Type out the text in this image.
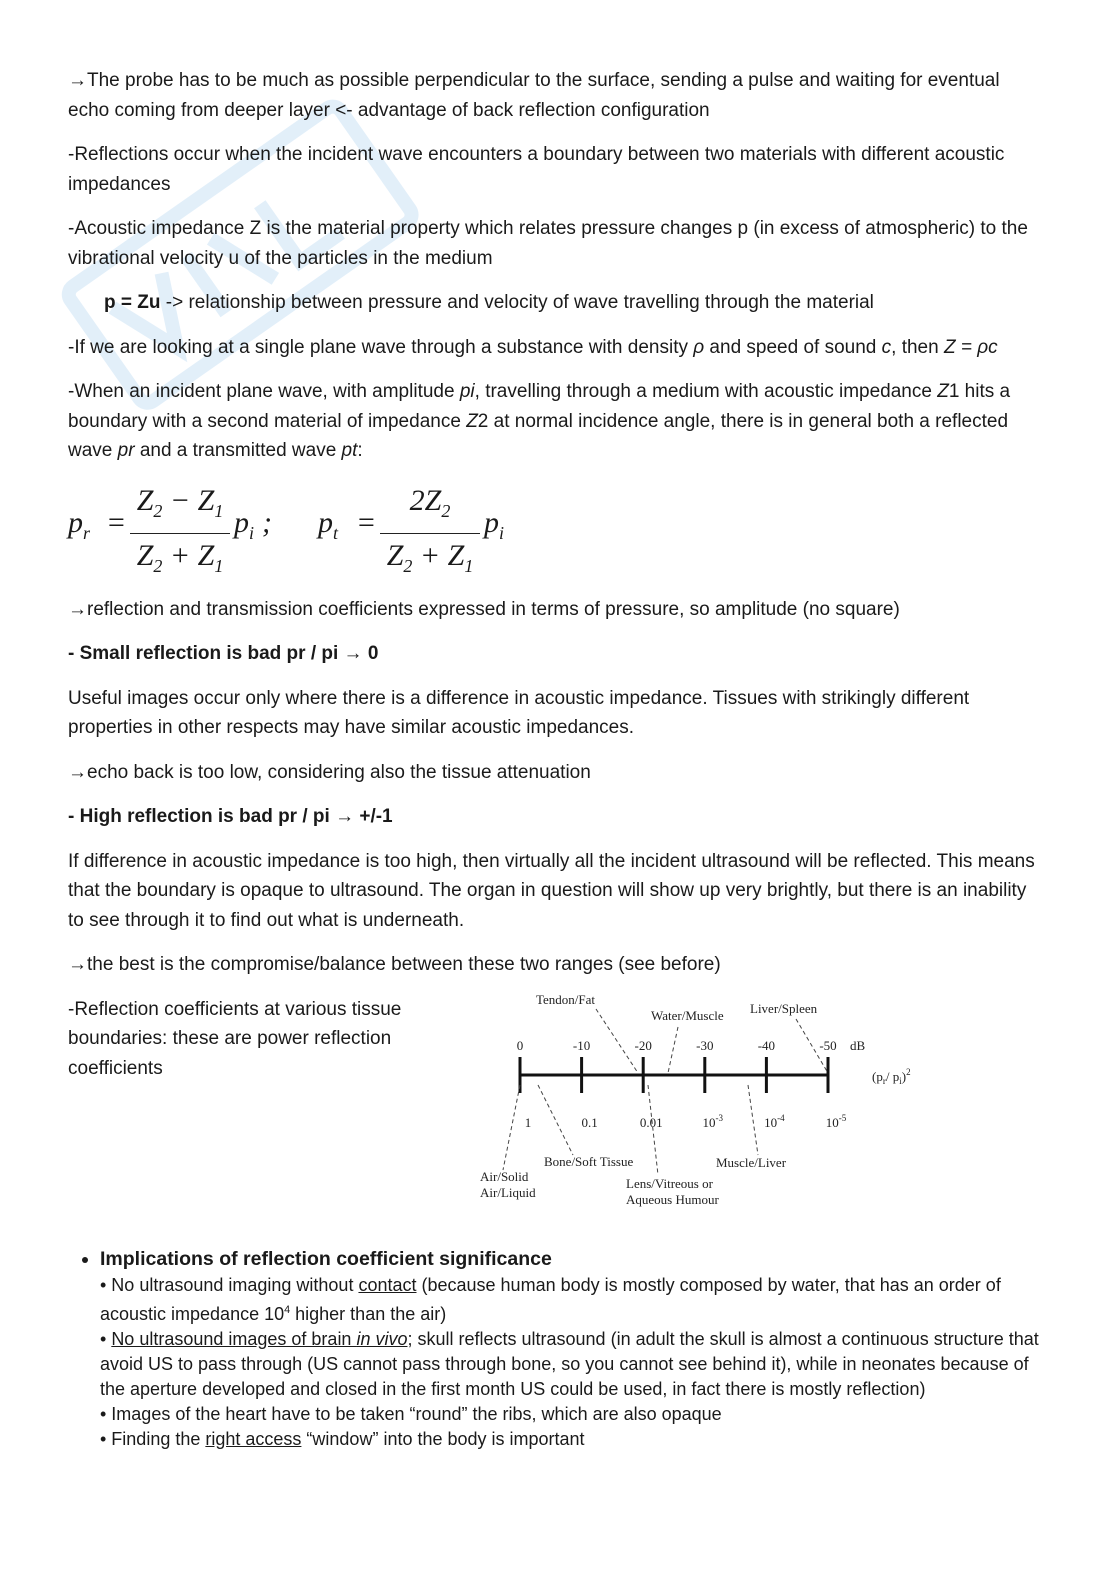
→The probe has to be much as possible perpendicular to the surface, sending a pulse and waiting for eventual echo coming from deeper layer <- advantage of back reflection configuration

-Reflections occur when the incident wave encounters a boundary between two materials with different acoustic impedances

-Acoustic impedance Z is the material property which relates pressure changes p (in excess of atmospheric) to the vibrational velocity u of the particles in the medium

p = Zu -> relationship between pressure and velocity of wave travelling through the material

-If we are looking at a single plane wave through a substance with density ρ and speed of sound c, then Z = ρc

-When an incident plane wave, with amplitude pi, travelling through a medium with acoustic impedance Z1 hits a boundary with a second material of impedance Z2 at normal incidence angle, there is in general both a reflected wave pr and a transmitted wave pt:

$p_r$ =
$Z_2 - Z_1$
$Z_2 + Z_1$
$p_i$ ; $p_t$ =
$2Z_2$
$Z_2 + Z_1$
$p_i$

→reflection and transmission coefficients expressed in terms of pressure, so amplitude (no square)

- Small reflection is bad pr / pi → 0

Useful images occur only where there is a difference in acoustic impedance. Tissues with strikingly different properties in other respects may have similar acoustic impedances.

→echo back is too low, considering also the tissue attenuation

- High reflection is bad pr / pi → +/-1

If difference in acoustic impedance is too high, then virtually all the incident ultrasound will be reflected. This means that the boundary is opaque to ultrasound. The organ in question will show up very brightly, but there is an inability to see through it to find out what is underneath.

→the best is the compromise/balance between these two ranges (see before)

-Reflection coefficients at various tissue boundaries: these are power reflection coefficients
0
1
-10
0.1
-20
0.01
-30
$10^{-3}$
-40
$10^{-4}$
-50
$10^{-5}$
Tendon/Fat
Water/Muscle Liver/Spleen
dB
($p_r/$ $p_i)^2$
Bone/Soft Tissue
Air/Solid
Air/Liquid
Lens/Vitreous or
Aqueous Humour
Muscle/Liver
• Implications of reflection coefficient significance
• No ultrasound imaging without contact (because human body is mostly composed by water, that has an order of acoustic impedance $10^4$ higher than the air)
• No ultrasound images of brain in vivo; skull reflects ultrasound (in adult the skull is almost a continuous structure that avoid US to pass through (US cannot pass through bone, so you cannot see behind it), while in neonates because of the aperture developed and closed in the first month US could be used, in fact there is mostly reflection)
• Images of the heart have to be taken “round” the ribs, which are also opaque
• Finding the right access “window” into the body is important
